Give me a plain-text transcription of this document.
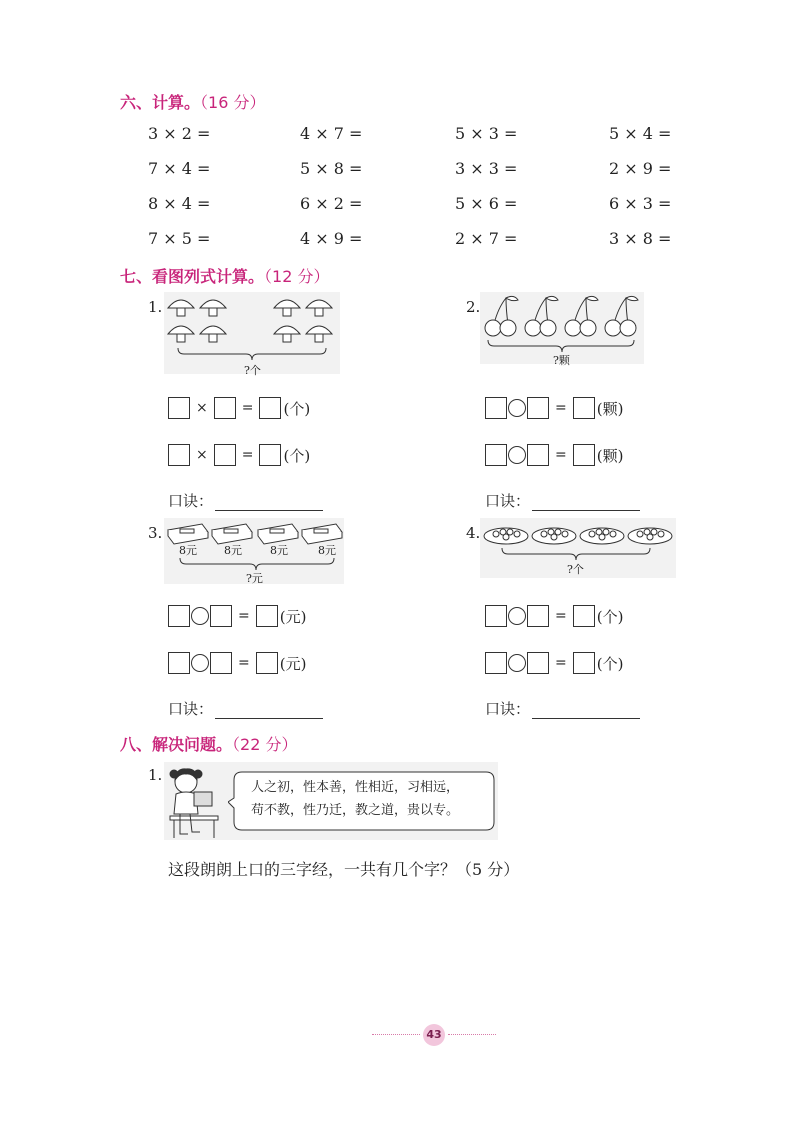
六、计算。（16 分）
3 × 2 =	4 × 7 =	5 × 3 =	5 × 4 =
7 × 4 =	5 × 8 =	3 × 3 =	2 × 9 =
8 × 4 =	6 × 2 =	5 × 6 =	6 × 3 =
7 × 5 =	4 × 9 =	2 × 7 =	3 × 8 =
七、看图列式计算。（12 分）
1.
?个
× = (个)
× = (个)
口诀：
2.
?颗
= (颗)
= (颗)
口诀：
3.
8元 8元	8元	8元
?元
= (元)
= (元)
口诀：
4.
?个
= (个)
= (个)
口诀：
八、解决问题。（22 分）
1.
人之初，性本善，性相近，习相远，
苟不教，性乃迁，教之道，贵以专。
这段朗朗上口的三字经，一共有几个字？（5 分）
43
